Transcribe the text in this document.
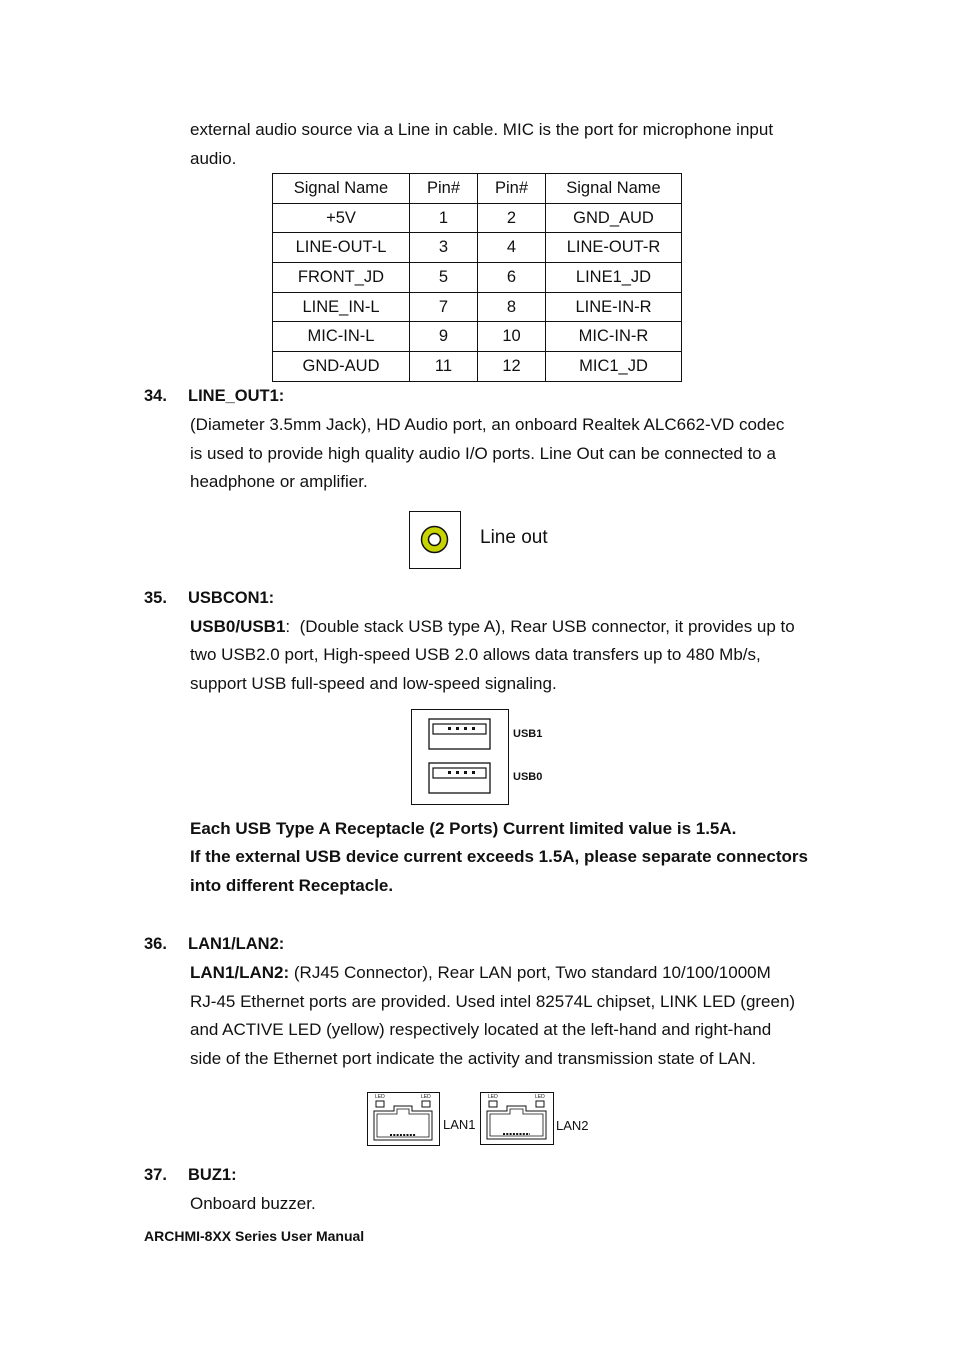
external audio source via a Line in cable. MIC is the port for microphone input
audio.
Signal Name	Pin#	Pin#	Signal Name
+5V	1	2	GND_AUD
LINE-OUT-L	3	4	LINE-OUT-R
FRONT_JD	5	6	LINE1_JD
LINE_IN-L	7	8	LINE-IN-R
MIC-IN-L	9	10	MIC-IN-R
GND-AUD	11	12	MIC1_JD
34. LINE_OUT1:
(Diameter 3.5mm Jack), HD Audio port, an onboard Realtek ALC662-VD codec
is used to provide high quality audio I/O ports. Line Out can be connected to a
headphone or amplifier.
Line out
35. USBCON1:
USB0/USB1: (Double stack USB type A), Rear USB connector, it provides up to
two USB2.0 port, High-speed USB 2.0 allows data transfers up to 480 Mb/s,
support USB full-speed and low-speed signaling.
USB1
USB0
Each USB Type A Receptacle (2 Ports) Current limited value is 1.5A.
If the external USB device current exceeds 1.5A, please separate connectors
into different Receptacle.
36. LAN1/LAN2:
LAN1/LAN2: (RJ45 Connector), Rear LAN port, Two standard 10/100/1000M
RJ-45 Ethernet ports are provided. Used intel 82574L chipset, LINK LED (green)
and ACTIVE LED (yellow) respectively located at the left-hand and right-hand
side of the Ethernet port indicate the activity and transmission state of LAN.
LED	LED
LAN1
LED	LED
LAN2
37. BUZ1:
Onboard buzzer.
ARCHMI-8XX Series User Manual
